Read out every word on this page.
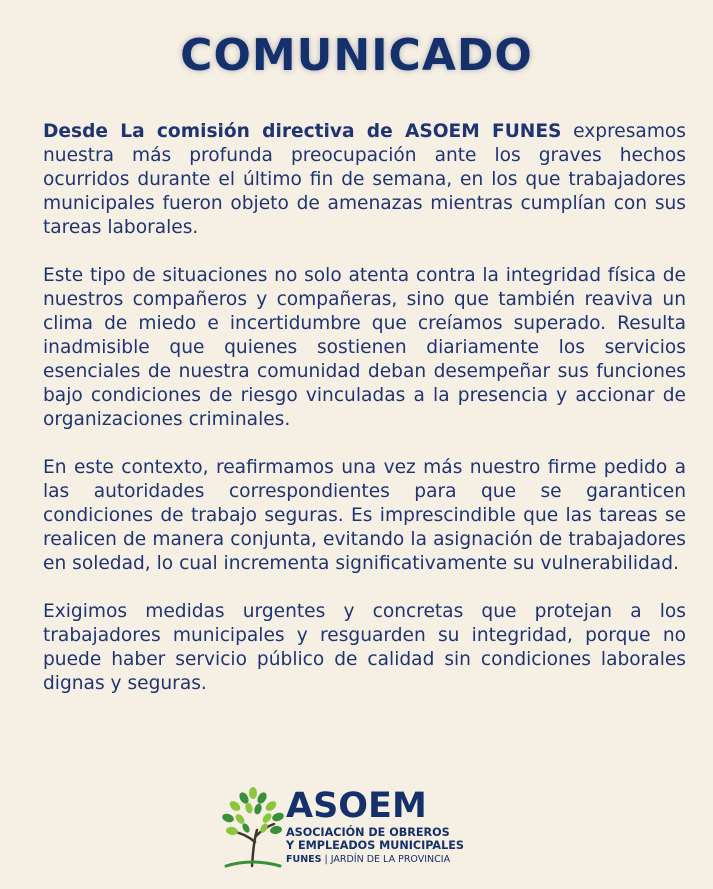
COMUNICADO

Desde La comisión directiva de ASOEM FUNES expresamos nuestra más profunda preocupación ante los graves hechos ocurridos durante el último fin de semana, en los que trabajadores municipales fueron objeto de amenazas mientras cumplían con sus tareas laborales.

Este tipo de situaciones no solo atenta contra la integridad física de nuestros compañeros y compañeras, sino que también reaviva un clima de miedo e incertidumbre que creíamos superado. Resulta inadmisible que quienes sostienen diariamente los servicios esenciales de nuestra comunidad deban desempeñar sus funciones bajo condiciones de riesgo vinculadas a la presencia y accionar de organizaciones criminales.

En este contexto, reafirmamos una vez más nuestro firme pedido a las autoridades correspondientes para que se garanticen condiciones de trabajo seguras. Es imprescindible que las tareas se realicen de manera conjunta, evitando la asignación de trabajadores en soledad, lo cual incrementa significativamente su vulnerabilidad.

Exigimos medidas urgentes y concretas que protejan a los trabajadores municipales y resguarden su integridad, porque no puede haber servicio público de calidad sin condiciones laborales dignas y seguras.

ASOEM
ASOCIACIÓN DE OBREROS
Y EMPLEADOS MUNICIPALES
FUNES | JARDÍN DE LA PROVINCIA
